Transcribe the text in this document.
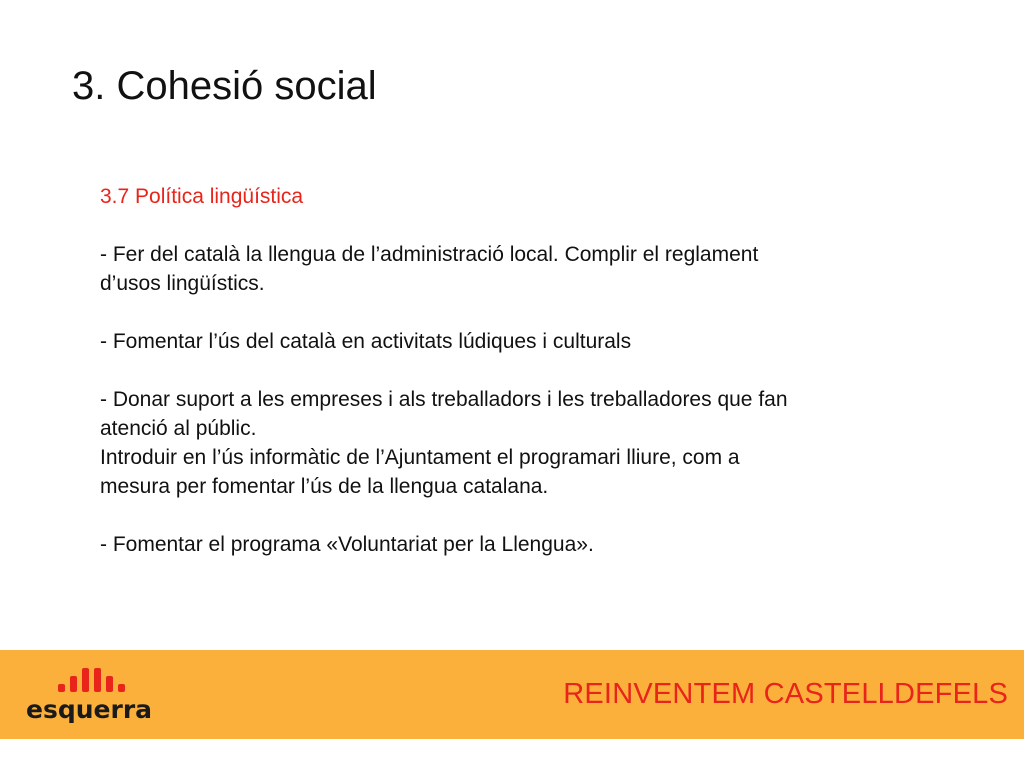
3. Cohesió social

3.7 Política lingüística

- Fer del català la llengua de l’administració local. Complir el reglament
d’usos lingüístics.

- Fomentar l’ús del català en activitats lúdiques i culturals

- Donar suport a les empreses i als treballadors i les treballadores que fan
atenció al públic.
Introduir en l’ús informàtic de l’Ajuntament el programari lliure, com a
mesura per fomentar l’ús de la llengua catalana.

- Fomentar el programa «Voluntariat per la Llengua».

esquerra	REINVENTEM CASTELLDEFELS
